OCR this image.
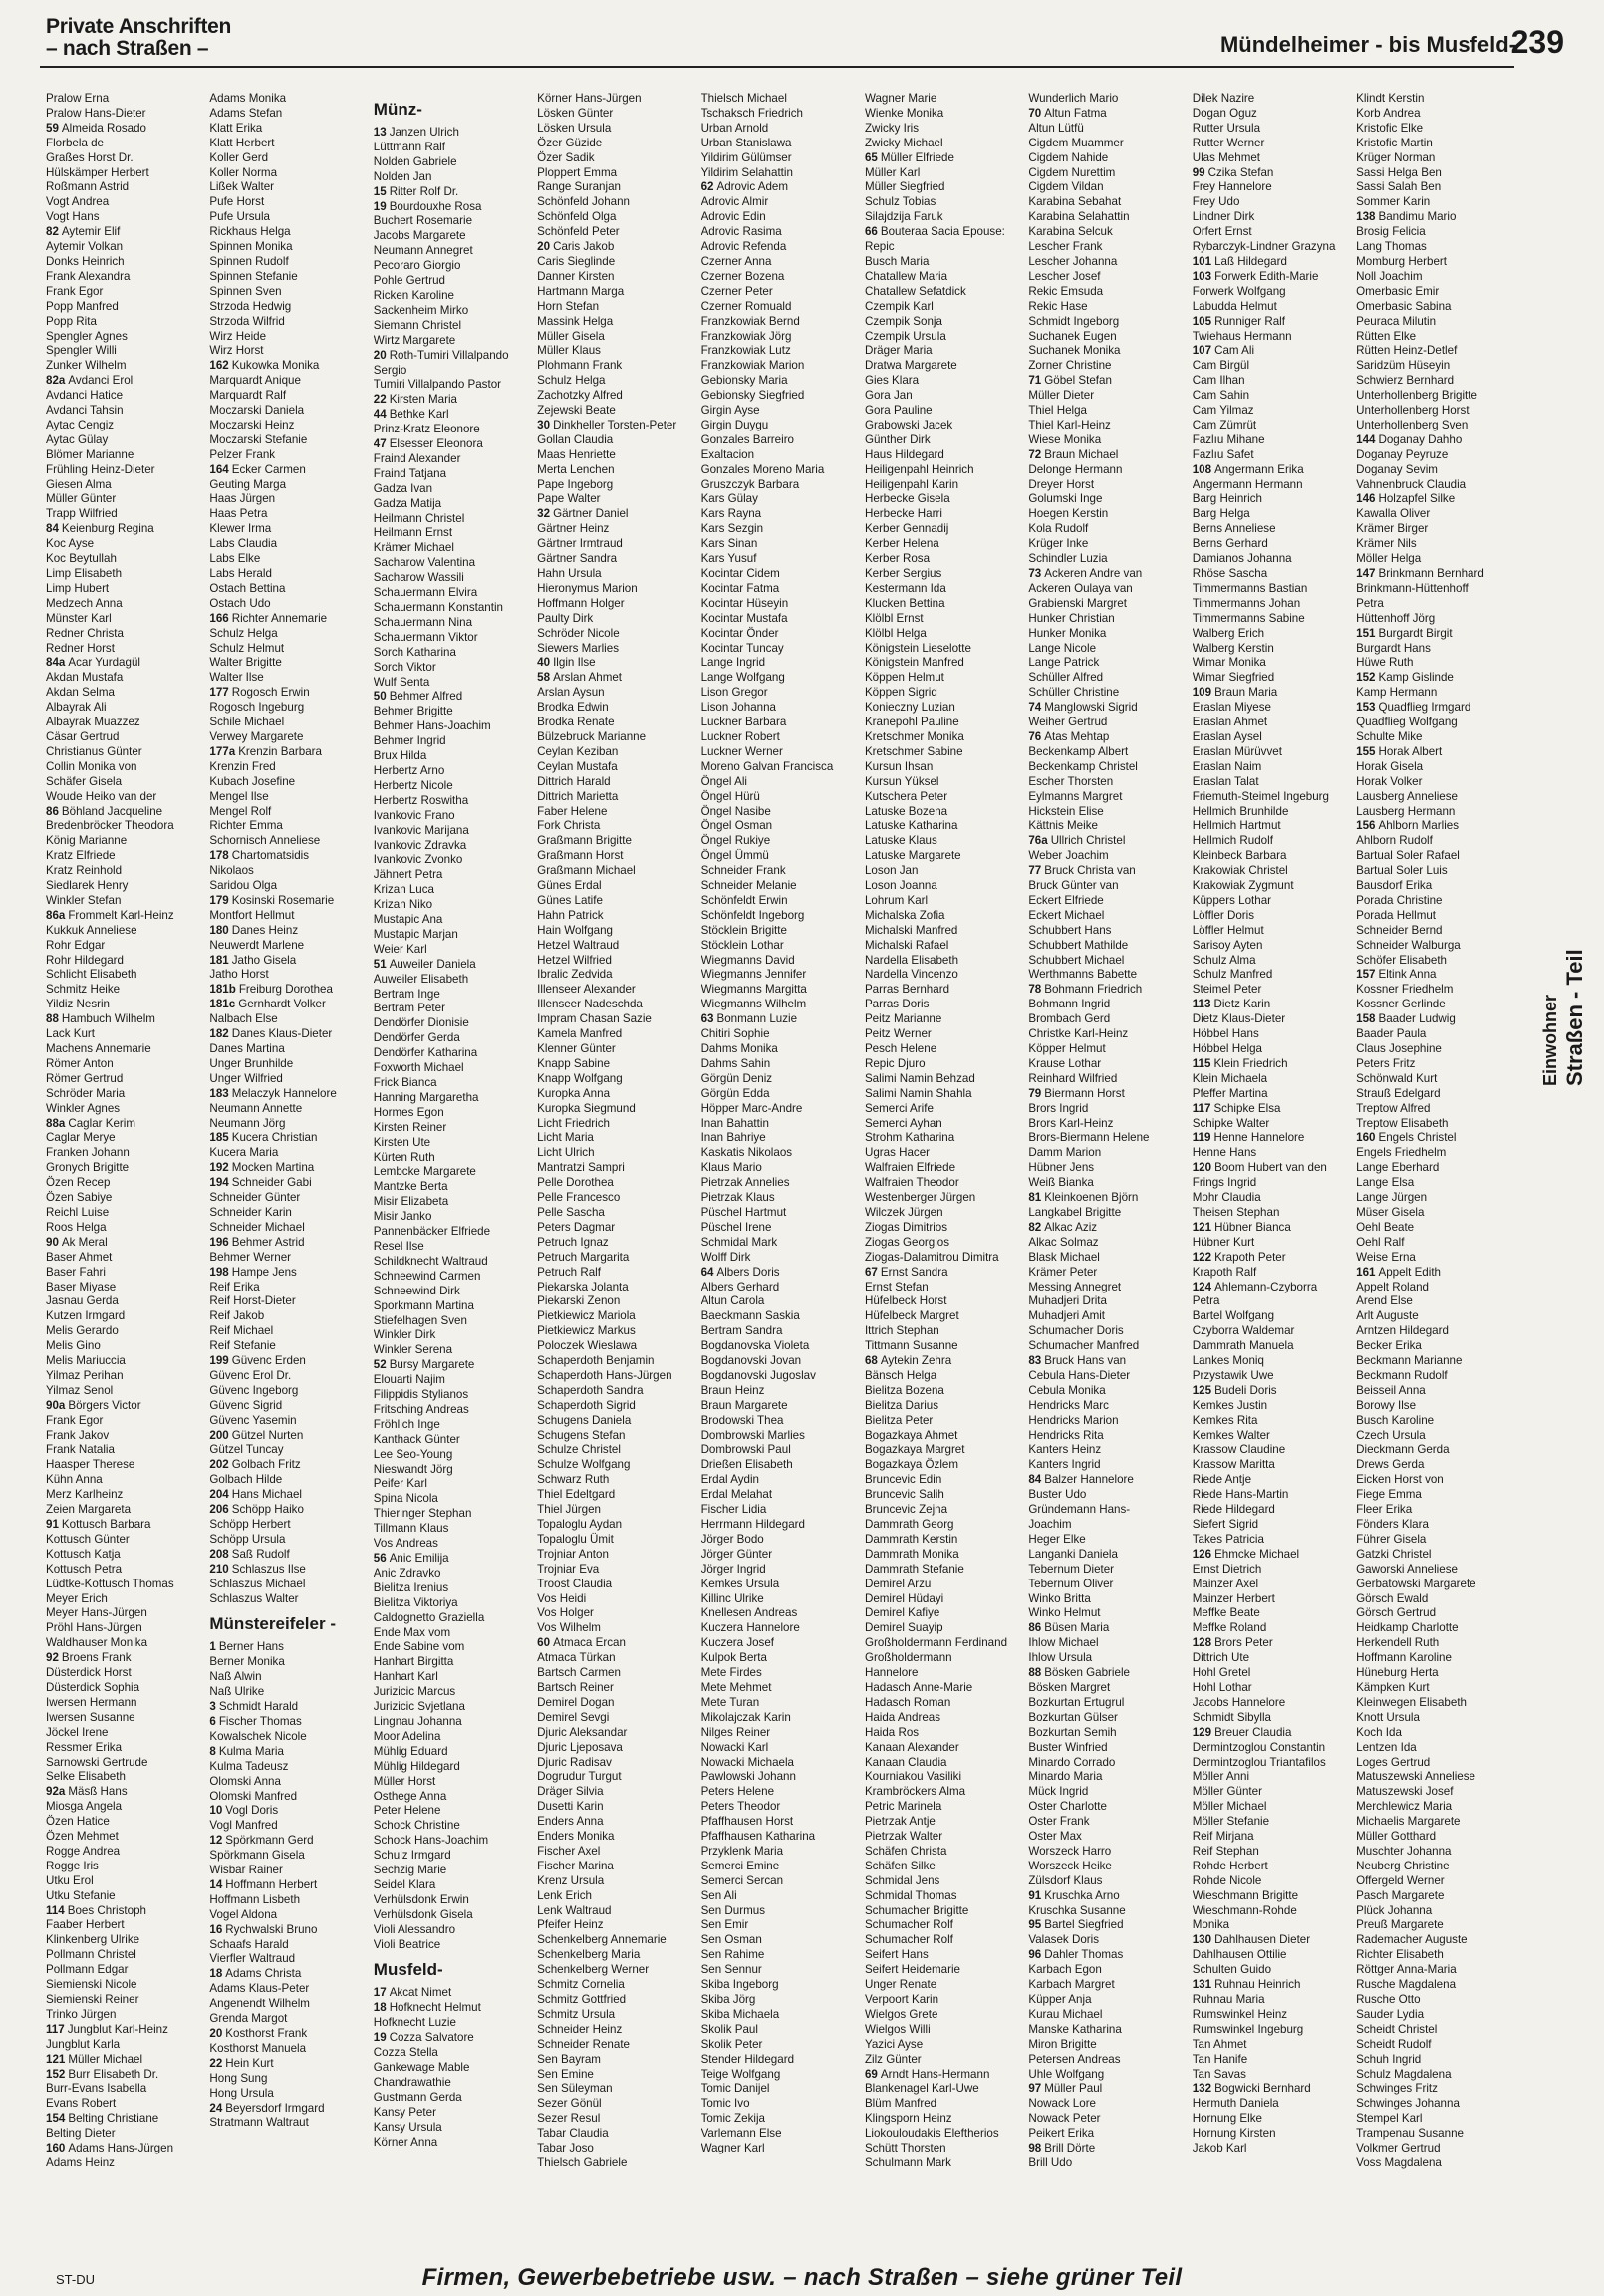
Private Anschriften
– nach Straßen –	Mündelheimer - bis Musfeld-
239
Pralow Erna
Pralow Hans-Dieter
59 Almeida Rosado
Florbela de
Graßes Horst Dr.
Hülskämper Herbert
Roßmann Astrid
Vogt Andrea
Vogt Hans
82 Aytemir Elif
Aytemir Volkan
Donks Heinrich
Frank Alexandra
Frank Egor
Popp Manfred
Popp Rita
Spengler Agnes
Spengler Willi
Zunker Wilhelm
82a Avdanci Erol
Avdanci Hatice
Avdanci Tahsin
Aytac Cengiz
Aytac Gülay
Blömer Marianne
Frühling Heinz-Dieter
Giesen Alma
Müller Günter
Trapp Wilfried
84 Keienburg Regina
Koc Ayse
Koc Beytullah
Limp Elisabeth
Limp Hubert
Medzech Anna
Münster Karl
Redner Christa
Redner Horst
84a Acar Yurdagül
Akdan Mustafa
Akdan Selma
Albayrak Ali
Albayrak Muazzez
Cäsar Gertrud
Christianus Günter
Collin Monika von
Schäfer Gisela
Woude Heiko van der
86 Böhland Jacqueline
Bredenbröcker Theodora
König Marianne
Kratz Elfriede
Kratz Reinhold
Siedlarek Henry
Winkler Stefan
86a Frommelt Karl-Heinz
Kukkuk Anneliese
Rohr Edgar
Rohr Hildegard
Schlicht Elisabeth
Schmitz Heike
Yildiz Nesrin
88 Hambuch Wilhelm
Lack Kurt
Machens Annemarie
Römer Anton
Römer Gertrud
Schröder Maria
Winkler Agnes
88a Caglar Kerim
Caglar Merye
Franken Johann
Gronych Brigitte
Özen Recep
Özen Sabiye
Reichl Luise
Roos Helga
90 Ak Meral
Baser Ahmet
Baser Fahri
Baser Miyase
Jasnau Gerda
Kutzen Irmgard
Melis Gerardo
Melis Gino
Melis Mariuccia
Yilmaz Perihan
Yilmaz Senol
90a Börgers Victor
Frank Egor
Frank Jakov
Frank Natalia
Haasper Therese
Kühn Anna
Merz Karlheinz
Zeien Margareta
91 Kottusch Barbara
Kottusch Günter
Kottusch Katja
Kottusch Petra
Lüdtke-Kottusch Thomas
Meyer Erich
Meyer Hans-Jürgen
Pröhl Hans-Jürgen
Waldhauser Monika
92 Broens Frank
Düsterdick Horst
Düsterdick Sophia
Iwersen Hermann
Iwersen Susanne
Jöckel Irene
Ressmer Erika
Sarnowski Gertrude
Selke Elisabeth
92a Mäsß Hans
Miosga Angela
Özen Hatice
Özen Mehmet
Rogge Andrea
Rogge Iris
Utku Erol
Utku Stefanie
114 Boes Christoph
Faaber Herbert
Klinkenberg Ulrike
Pollmann Christel
Pollmann Edgar
Siemienski Nicole
Siemienski Reiner
Trinko Jürgen
117 Jungblut Karl-Heinz
Jungblut Karla
121 Müller Michael
152 Burr Elisabeth Dr.
Burr-Evans Isabella
Evans Robert
154 Belting Christiane
Belting Dieter
160 Adams Hans-Jürgen
Adams Heinz
Adams Monika
Adams Stefan
Klatt Erika
Klatt Herbert
Koller Gerd
Koller Norma
Lißek Walter
Pufe Horst
Pufe Ursula
Rickhaus Helga
Spinnen Monika
Spinnen Rudolf
Spinnen Stefanie
Spinnen Sven
Strzoda Hedwig
Strzoda Wilfrid
Wirz Heide
Wirz Horst
162 Kukowka Monika
Marquardt Anique
Marquardt Ralf
Moczarski Daniela
Moczarski Heinz
Moczarski Stefanie
Pelzer Frank
164 Ecker Carmen
Geuting Marga
Haas Jürgen
Haas Petra
Klewer Irma
Labs Claudia
Labs Elke
Labs Herald
Ostach Bettina
Ostach Udo
166 Richter Annemarie
Schulz Helga
Schulz Helmut
Walter Brigitte
Walter Ilse
177 Rogosch Erwin
Rogosch Ingeburg
Schile Michael
Verwey Margarete
177a Krenzin Barbara
Krenzin Fred
Kubach Josefine
Mengel Ilse
Mengel Rolf
Richter Emma
Schornisch Anneliese
178 Chartomatsidis
Nikolaos
Saridou Olga
179 Kosinski Rosemarie
Montfort Hellmut
180 Danes Heinz
Neuwerdt Marlene
181 Jatho Gisela
Jatho Horst
181b Freiburg Dorothea
181c Gernhardt Volker
Nalbach Else
182 Danes Klaus-Dieter
Danes Martina
Unger Brunhilde
Unger Wilfried
183 Melaczyk Hannelore
Neumann Annette
Neumann Jörg
185 Kucera Christian
Kucera Maria
192 Mocken Martina
194 Schneider Gabi
Schneider Günter
Schneider Karin
Schneider Michael
196 Behmer Astrid
Behmer Werner
198 Hampe Jens
Reif Erika
Reif Horst-Dieter
Reif Jakob
Reif Michael
Reif Stefanie
199 Güvenc Erden
Güvenc Erol Dr.
Güvenc Ingeborg
Güvenc Sigrid
Güvenc Yasemin
200 Gützel Nurten
Gützel Tuncay
202 Golbach Fritz
Golbach Hilde
204 Hans Michael
206 Schöpp Haiko
Schöpp Herbert
Schöpp Ursula
208 Saß Rudolf
210 Schlaszus Ilse
Schlaszus Michael
Schlaszus Walter
Münstereifeler -
1 Berner Hans
Berner Monika
Naß Alwin
Naß Ulrike
3 Schmidt Harald
6 Fischer Thomas
Kowalschek Nicole
8 Kulma Maria
Kulma Tadeusz
Olomski Anna
Olomski Manfred
10 Vogl Doris
Vogl Manfred
12 Spörkmann Gerd
Spörkmann Gisela
Wisbar Rainer
14 Hoffmann Herbert
Hoffmann Lisbeth
Vogel Aldona
16 Rychwalski Bruno
Schaafs Harald
Vierfler Waltraud
18 Adams Christa
Adams Klaus-Peter
Angenendt Wilhelm
Grenda Margot
20 Kosthorst Frank
Kosthorst Manuela
22 Hein Kurt
Hong Sung
Hong Ursula
24 Beyersdorf Irmgard
Stratmann Waltraut
Münz-
13 Janzen Ulrich
Lüttmann Ralf
Nolden Gabriele
Nolden Jan
15 Ritter Rolf Dr.
19 Bourdouxhe Rosa
Buchert Rosemarie
Jacobs Margarete
Neumann Annegret
Pecoraro Giorgio
Pohle Gertrud
Ricken Karoline
Sackenheim Mirko
Siemann Christel
Wirtz Margarete
20 Roth-Tumiri Villalpando
Sergio
Tumiri Villalpando Pastor
22 Kirsten Maria
44 Bethke Karl
Prinz-Kratz Eleonore
47 Elsesser Eleonora
Fraind Alexander
Fraind Tatjana
Gadza Ivan
Gadza Matija
Heilmann Christel
Heilmann Ernst
Krämer Michael
Sacharow Valentina
Sacharow Wassili
Schauermann Elvira
Schauermann Konstantin
Schauermann Nina
Schauermann Viktor
Sorch Katharina
Sorch Viktor
Wulf Senta
50 Behmer Alfred
Behmer Brigitte
Behmer Hans-Joachim
Behmer Ingrid
Brux Hilda
Herbertz Arno
Herbertz Nicole
Herbertz Roswitha
Ivankovic Frano
Ivankovic Marijana
Ivankovic Zdravka
Ivankovic Zvonko
Jähnert Petra
Krizan Luca
Krizan Niko
Mustapic Ana
Mustapic Marjan
Weier Karl
51 Auweiler Daniela
Auweiler Elisabeth
Bertram Inge
Bertram Peter
Dendörfer Dionisie
Dendörfer Gerda
Dendörfer Katharina
Foxworth Michael
Frick Bianca
Hanning Margaretha
Hormes Egon
Kirsten Reiner
Kirsten Ute
Kürten Ruth
Lembcke Margarete
Mantzke Berta
Misir Elizabeta
Misir Janko
Pannenbäcker Elfriede
Resel Ilse
Schildknecht Waltraud
Schneewind Carmen
Schneewind Dirk
Sporkmann Martina
Stiefelhagen Sven
Winkler Dirk
Winkler Serena
52 Bursy Margarete
Elouarti Najim
Filippidis Stylianos
Fritsching Andreas
Fröhlich Inge
Kanthack Günter
Lee Seo-Young
Nieswandt Jörg
Peifer Karl
Spina Nicola
Thieringer Stephan
Tillmann Klaus
Vos Andreas
56 Anic Emilija
Anic Zdravko
Bielitza Irenius
Bielitza Viktoriya
Caldognetto Graziella
Ende Max vom
Ende Sabine vom
Hanhart Birgitta
Hanhart Karl
Jurizicic Marcus
Jurizicic Svjetlana
Lingnau Johanna
Moor Adelina
Mühlig Eduard
Mühlig Hildegard
Müller Horst
Osthege Anna
Peter Helene
Schock Christine
Schock Hans-Joachim
Schulz Irmgard
Sechzig Marie
Seidel Klara
Verhülsdonk Erwin
Verhülsdonk Gisela
Violi Alessandro
Violi Beatrice
Musfeld-
17 Akcat Nimet
18 Hofknecht Helmut
Hofknecht Luzie
19 Cozza Salvatore
Cozza Stella
Gankewage Mable
Chandrawathie
Gustmann Gerda
Kansy Peter
Kansy Ursula
Körner Anna
Körner Hans-Jürgen
Lösken Günter
Lösken Ursula
Özer Güzide
Özer Sadik
Ploppert Emma
Range Suranjan
Schönfeld Johann
Schönfeld Olga
Schönfeld Peter
20 Caris Jakob
Caris Sieglinde
Danner Kirsten
Hartmann Marga
Horn Stefan
Massink Helga
Müller Gisela
Müller Klaus
Plohmann Frank
Schulz Helga
Zachotzky Alfred
Zejewski Beate
30 Dinkheller Torsten-Peter
Gollan Claudia
Maas Henriette
Merta Lenchen
Pape Ingeborg
Pape Walter
32 Gärtner Daniel
Gärtner Heinz
Gärtner Irmtraud
Gärtner Sandra
Hahn Ursula
Hieronymus Marion
Hoffmann Holger
Paulty Dirk
Schröder Nicole
Siewers Marlies
40 Ilgin Ilse
58 Arslan Ahmet
Arslan Aysun
Brodka Edwin
Brodka Renate
Bülzebruck Marianne
Ceylan Keziban
Ceylan Mustafa
Dittrich Harald
Dittrich Marietta
Faber Helene
Fork Christa
Graßmann Brigitte
Graßmann Horst
Graßmann Michael
Günes Erdal
Günes Latife
Hahn Patrick
Hain Wolfgang
Hetzel Waltraud
Hetzel Wilfried
Ibralic Zedvida
Illenseer Alexander
Illenseer Nadeschda
Impram Chasan Sazie
Kamela Manfred
Klenner Günter
Knapp Sabine
Knapp Wolfgang
Kuropka Anna
Kuropka Siegmund
Licht Friedrich
Licht Maria
Licht Ulrich
Mantratzi Sampri
Pelle Dorothea
Pelle Francesco
Pelle Sascha
Peters Dagmar
Petruch Ignaz
Petruch Margarita
Petruch Ralf
Piekarska Jolanta
Piekarski Zenon
Pietkiewicz Mariola
Pietkiewicz Markus
Poloczek Wieslawa
Schaperdoth Benjamin
Schaperdoth Hans-Jürgen
Schaperdoth Sandra
Schaperdoth Sigrid
Schugens Daniela
Schugens Stefan
Schulze Christel
Schulze Wolfgang
Schwarz Ruth
Thiel Edeltgard
Thiel Jürgen
Topaloglu Aydan
Topaloglu Ümit
Trojniar Anton
Trojniar Eva
Troost Claudia
Vos Heidi
Vos Holger
Vos Wilhelm
60 Atmaca Ercan
Atmaca Türkan
Bartsch Carmen
Bartsch Reiner
Demirel Dogan
Demirel Sevgi
Djuric Aleksandar
Djuric Ljeposava
Djuric Radisav
Dogrudur Turgut
Dräger Silvia
Dusetti Karin
Enders Anna
Enders Monika
Fischer Axel
Fischer Marina
Krenz Ursula
Lenk Erich
Lenk Waltraud
Pfeifer Heinz
Schenkelberg Annemarie
Schenkelberg Maria
Schenkelberg Werner
Schmitz Cornelia
Schmitz Gottfried
Schmitz Ursula
Schneider Heinz
Schneider Renate
Sen Bayram
Sen Emine
Sen Süleyman
Sezer Gönül
Sezer Resul
Tabar Claudia
Tabar Joso
Thielsch Gabriele
Thielsch Michael
Tschaksch Friedrich
Urban Arnold
Urban Stanislawa
Yildirim Gülümser
Yildirim Selahattin
62 Adrovic Adem
Adrovic Almir
Adrovic Edin
Adrovic Rasima
Adrovic Refenda
Czerner Anna
Czerner Bozena
Czerner Peter
Czerner Romuald
Franzkowiak Bernd
Franzkowiak Jörg
Franzkowiak Lutz
Franzkowiak Marion
Gebionsky Maria
Gebionsky Siegfried
Girgin Ayse
Girgin Duygu
Gonzales Barreiro
Exaltacion
Gonzales Moreno Maria
Gruszczyk Barbara
Kars Gülay
Kars Rayna
Kars Sezgin
Kars Sinan
Kars Yusuf
Kocintar Cidem
Kocintar Fatma
Kocintar Hüseyin
Kocintar Mustafa
Kocintar Önder
Kocintar Tuncay
Lange Ingrid
Lange Wolfgang
Lison Gregor
Lison Johanna
Luckner Barbara
Luckner Robert
Luckner Werner
Moreno Galvan Francisca
Öngel Ali
Öngel Hürü
Öngel Nasibe
Öngel Osman
Öngel Rukiye
Öngel Ümmü
Schneider Frank
Schneider Melanie
Schönfeldt Erwin
Schönfeldt Ingeborg
Stöcklein Brigitte
Stöcklein Lothar
Wiegmanns David
Wiegmanns Jennifer
Wiegmanns Margitta
Wiegmanns Wilhelm
63 Bonmann Luzie
Chitiri Sophie
Dahms Monika
Dahms Sahin
Görgün Deniz
Görgün Edda
Höpper Marc-Andre
Inan Bahattin
Inan Bahriye
Kaskatis Nikolaos
Klaus Mario
Pietrzak Annelies
Pietrzak Klaus
Püschel Hartmut
Püschel Irene
Schmidal Mark
Wolff Dirk
64 Albers Doris
Albers Gerhard
Altun Carola
Baeckmann Saskia
Bertram Sandra
Bogdanovska Violeta
Bogdanovski Jovan
Bogdanovski Jugoslav
Braun Heinz
Braun Margarete
Brodowski Thea
Dombrowski Marlies
Dombrowski Paul
Drießen Elisabeth
Erdal Aydin
Erdal Melahat
Fischer Lidia
Herrmann Hildegard
Jörger Bodo
Jörger Günter
Jörger Ingrid
Kemkes Ursula
Killinc Ulrike
Knellesen Andreas
Kuczera Hannelore
Kuczera Josef
Kulpok Berta
Mete Firdes
Mete Mehmet
Mete Turan
Mikolajczak Karin
Nilges Reiner
Nowacki Karl
Nowacki Michaela
Pawlowski Johann
Peters Helene
Peters Theodor
Pfaffhausen Horst
Pfaffhausen Katharina
Przyklenk Maria
Semerci Emine
Semerci Sercan
Sen Ali
Sen Durmus
Sen Emir
Sen Osman
Sen Rahime
Sen Sennur
Skiba Ingeborg
Skiba Jörg
Skiba Michaela
Skolik Paul
Skolik Peter
Stender Hildegard
Teige Wolfgang
Tomic Danijel
Tomic Ivo
Tomic Zekija
Varlemann Else
Wagner Karl
Wagner Marie
Wienke Monika
Zwicky Iris
Zwicky Michael
65 Müller Elfriede
Müller Karl
Müller Siegfried
Schulz Tobias
Silajdzija Faruk
66 Bouteraa Sacia Epouse:
Repic
Busch Maria
Chatallew Maria
Chatallew Sefatdick
Czempik Karl
Czempik Sonja
Czempik Ursula
Dräger Maria
Dratwa Margarete
Gies Klara
Gora Jan
Gora Pauline
Grabowski Jacek
Günther Dirk
Haus Hildegard
Heiligenpahl Heinrich
Heiligenpahl Karin
Herbecke Gisela
Herbecke Harri
Kerber Gennadij
Kerber Helena
Kerber Rosa
Kerber Sergius
Kestermann Ida
Klucken Bettina
Klölbl Ernst
Klölbl Helga
Königstein Lieselotte
Königstein Manfred
Köppen Helmut
Köppen Sigrid
Konieczny Luzian
Kranepohl Pauline
Kretschmer Monika
Kretschmer Sabine
Kursun Ihsan
Kursun Yüksel
Kutschera Peter
Latuske Bozena
Latuske Katharina
Latuske Klaus
Latuske Margarete
Loson Jan
Loson Joanna
Lohrum Karl
Michalska Zofia
Michalski Manfred
Michalski Rafael
Nardella Elisabeth
Nardella Vincenzo
Parras Bernhard
Parras Doris
Peitz Marianne
Peitz Werner
Pesch Helene
Repic Djuro
Salimi Namin Behzad
Salimi Namin Shahla
Semerci Arife
Semerci Ayhan
Strohm Katharina
Ugras Hacer
Walfraien Elfriede
Walfraien Theodor
Westenberger Jürgen
Wilczek Jürgen
Ziogas Dimitrios
Ziogas Georgios
Ziogas-Dalamitrou Dimitra
67 Ernst Sandra
Ernst Stefan
Hüfelbeck Horst
Hüfelbeck Margret
Ittrich Stephan
Tittmann Susanne
68 Aytekin Zehra
Bänsch Helga
Bielitza Bozena
Bielitza Darius
Bielitza Peter
Bogazkaya Ahmet
Bogazkaya Margret
Bogazkaya Özlem
Bruncevic Edin
Bruncevic Salih
Bruncevic Zejna
Dammrath Georg
Dammrath Kerstin
Dammrath Monika
Dammrath Stefanie
Demirel Arzu
Demirel Hüdayi
Demirel Kafiye
Demirel Suayip
Großholdermann Ferdinand
Großholdermann
Hannelore
Hadasch Anne-Marie
Hadasch Roman
Haida Andreas
Haida Ros
Kanaan Alexander
Kanaan Claudia
Kourniakou Vasiliki
Krambröckers Alma
Petric Marinela
Pietrzak Antje
Pietrzak Walter
Schäfen Christa
Schäfen Silke
Schmidal Jens
Schmidal Thomas
Schumacher Brigitte
Schumacher Rolf
Schumacher Rolf
Seifert Hans
Seifert Heidemarie
Unger Renate
Verpoort Karin
Wielgos Grete
Wielgos Willi
Yazici Ayse
Zilz Günter
69 Arndt Hans-Hermann
Blankenagel Karl-Uwe
Blüm Manfred
Klingsporn Heinz
Liokouloudakis Eleftherios
Schütt Thorsten
Schulmann Mark
Wunderlich Mario
70 Altun Fatma
Altun Lütfü
Cigdem Muammer
Cigdem Nahide
Cigdem Nurettim
Cigdem Vildan
Karabina Sebahat
Karabina Selahattin
Karabina Selcuk
Lescher Frank
Lescher Johanna
Lescher Josef
Rekic Emsuda
Rekic Hase
Schmidt Ingeborg
Suchanek Eugen
Suchanek Monika
Zorner Christine
71 Göbel Stefan
Müller Dieter
Thiel Helga
Thiel Karl-Heinz
Wiese Monika
72 Braun Michael
Delonge Hermann
Dreyer Horst
Golumski Inge
Hoegen Kerstin
Kola Rudolf
Krüger Inke
Schindler Luzia
73 Ackeren Andre van
Ackeren Oulaya van
Grabienski Margret
Hunker Christian
Hunker Monika
Lange Nicole
Lange Patrick
Schüller Alfred
Schüller Christine
74 Manglowski Sigrid
Weiher Gertrud
76 Atas Mehtap
Beckenkamp Albert
Beckenkamp Christel
Escher Thorsten
Eylmanns Margret
Hickstein Elise
Kättnis Meike
76a Ullrich Christel
Weber Joachim
77 Bruck Christa van
Bruck Günter van
Eckert Elfriede
Eckert Michael
Schubbert Hans
Schubbert Mathilde
Schubbert Michael
Werthmanns Babette
78 Bohmann Friedrich
Bohmann Ingrid
Brombach Gerd
Christke Karl-Heinz
Köpper Helmut
Krause Lothar
Reinhard Wilfried
79 Biermann Horst
Brors Ingrid
Brors Karl-Heinz
Brors-Biermann Helene
Damm Marion
Hübner Jens
Weiß Bianka
81 Kleinkoenen Björn
Langkabel Brigitte
82 Alkac Aziz
Alkac Solmaz
Blask Michael
Krämer Peter
Messing Annegret
Muhadjeri Drita
Muhadjeri Amit
Schumacher Doris
Schumacher Manfred
83 Bruck Hans van
Cebula Hans-Dieter
Cebula Monika
Hendricks Marc
Hendricks Marion
Hendricks Rita
Kanters Heinz
Kanters Ingrid
84 Balzer Hannelore
Buster Udo
Gründemann Hans-
Joachim
Heger Elke
Langanki Daniela
Tebernum Dieter
Tebernum Oliver
Winko Britta
Winko Helmut
86 Büsen Maria
Ihlow Michael
Ihlow Ursula
88 Bösken Gabriele
Bösken Margret
Bozkurtan Ertugrul
Bozkurtan Gülser
Bozkurtan Semih
Buster Winfried
Minardo Corrado
Minardo Maria
Mück Ingrid
Oster Charlotte
Oster Frank
Oster Max
Worszeck Harro
Worszeck Heike
Zülsdorf Klaus
91 Kruschka Arno
Kruschka Susanne
95 Bartel Siegfried
Valasek Doris
96 Dahler Thomas
Karbach Egon
Karbach Margret
Küpper Anja
Kurau Michael
Manske Katharina
Miron Brigitte
Petersen Andreas
Uhle Wolfgang
97 Müller Paul
Nowack Lore
Nowack Peter
Peikert Erika
98 Brill Dörte
Brill Udo
Dilek Nazire
Dogan Oguz
Rutter Ursula
Rutter Werner
Ulas Mehmet
99 Czika Stefan
Frey Hannelore
Frey Udo
Lindner Dirk
Orfert Ernst
Rybarczyk-Lindner Grazyna
101 Laß Hildegard
103 Forwerk Edith-Marie
Forwerk Wolfgang
Labudda Helmut
105 Runniger Ralf
Twiehaus Hermann
107 Cam Ali
Cam Birgül
Cam Ilhan
Cam Sahin
Cam Yilmaz
Cam Zümrüt
Fazlıu Mihane
Fazlıu Safet
108 Angermann Erika
Angermann Hermann
Barg Heinrich
Barg Helga
Berns Anneliese
Berns Gerhard
Damianos Johanna
Rhöse Sascha
Timmermanns Bastian
Timmermanns Johan
Timmermanns Sabine
Walberg Erich
Walberg Kerstin
Wimar Monika
Wimar Siegfried
109 Braun Maria
Eraslan Miyese
Eraslan Ahmet
Eraslan Aysel
Eraslan Mürüvvet
Eraslan Naim
Eraslan Talat
Friemuth-Steimel Ingeburg
Hellmich Brunhilde
Hellmich Hartmut
Hellmich Rudolf
Kleinbeck Barbara
Krakowiak Christel
Krakowiak Zygmunt
Küppers Lothar
Löffler Doris
Löffler Helmut
Sarisoy Ayten
Schulz Alma
Schulz Manfred
Steimel Peter
113 Dietz Karin
Dietz Klaus-Dieter
Höbbel Hans
Höbbel Helga
115 Klein Friedrich
Klein Michaela
Pfeffer Martina
117 Schipke Elsa
Schipke Walter
119 Henne Hannelore
Henne Hans
120 Boom Hubert van den
Frings Ingrid
Mohr Claudia
Theisen Stephan
121 Hübner Bianca
Hübner Kurt
122 Krapoth Peter
Krapoth Ralf
124 Ahlemann-Czyborra
Petra
Bartel Wolfgang
Czyborra Waldemar
Dammrath Manuela
Lankes Moniq
Przystawik Uwe
125 Budeli Doris
Kemkes Justin
Kemkes Rita
Kemkes Walter
Krassow Claudine
Krassow Maritta
Riede Antje
Riede Hans-Martin
Riede Hildegard
Siefert Sigrid
Takes Patricia
126 Ehmcke Michael
Ernst Dietrich
Mainzer Axel
Mainzer Herbert
Meffke Beate
Meffke Roland
128 Brors Peter
Dittrich Ute
Hohl Gretel
Hohl Lothar
Jacobs Hannelore
Schmidt Sibylla
129 Breuer Claudia
Dermintzoglou Constantin
Dermintzoglou Triantafilos
Möller Anni
Möller Günter
Möller Michael
Möller Stefanie
Reif Mirjana
Reif Stephan
Rohde Herbert
Rohde Nicole
Wieschmann Brigitte
Wieschmann-Rohde
Monika
130 Dahlhausen Dieter
Dahlhausen Ottilie
Schulten Guido
131 Ruhnau Heinrich
Ruhnau Maria
Rumswinkel Heinz
Rumswinkel Ingeburg
Tan Ahmet
Tan Hanife
Tan Savas
132 Bogwicki Bernhard
Hermuth Daniela
Hornung Elke
Hornung Kirsten
Jakob Karl
Klindt Kerstin
Korb Andrea
Kristofic Elke
Kristofic Martin
Krüger Norman
Sassi Helga Ben
Sassi Salah Ben
Sommer Karin
138 Bandimu Mario
Brosig Felicia
Lang Thomas
Momburg Herbert
Noll Joachim
Omerbasic Emir
Omerbasic Sabina
Peuraca Milutin
Rütten Elke
Rütten Heinz-Detlef
Saridzüm Hüseyin
Schwierz Bernhard
Unterhollenberg Brigitte
Unterhollenberg Horst
Unterhollenberg Sven
144 Doganay Dahho
Doganay Peyruze
Doganay Sevim
Vahnenbruck Claudia
146 Holzapfel Silke
Kawalla Oliver
Krämer Birger
Krämer Nils
Möller Helga
147 Brinkmann Bernhard
Brinkmann-Hüttenhoff
Petra
Hüttenhoff Jörg
151 Burgardt Birgit
Burgardt Hans
Hüwe Ruth
152 Kamp Gislinde
Kamp Hermann
153 Quadflieg Irmgard
Quadflieg Wolfgang
Schulte Mike
155 Horak Albert
Horak Gisela
Horak Volker
Lausberg Anneliese
Lausberg Hermann
156 Ahlborn Marlies
Ahlborn Rudolf
Bartual Soler Rafael
Bartual Soler Luis
Bausdorf Erika
Porada Christine
Porada Hellmut
Schneider Bernd
Schneider Walburga
Schöfer Elisabeth
157 Eltink Anna
Kossner Friedhelm
Kossner Gerlinde
158 Baader Ludwig
Baader Paula
Claus Josephine
Peters Fritz
Schönwald Kurt
Strauß Edelgard
Treptow Alfred
Treptow Elisabeth
160 Engels Christel
Engels Friedhelm
Lange Eberhard
Lange Elsa
Lange Jürgen
Müser Gisela
Oehl Beate
Oehl Ralf
Weise Erna
161 Appelt Edith
Appelt Roland
Arend Else
Arlt Auguste
Arntzen Hildegard
Becker Erika
Beckmann Marianne
Beckmann Rudolf
Beisseil Anna
Borowy Ilse
Busch Karoline
Czech Ursula
Dieckmann Gerda
Drews Gerda
Eicken Horst von
Fiege Emma
Fleer Erika
Fönders Klara
Führer Gisela
Gatzki Christel
Gaworski Anneliese
Gerbatowski Margarete
Görsch Ewald
Görsch Gertrud
Heidkamp Charlotte
Herkendell Ruth
Hoffmann Karoline
Hüneburg Herta
Kämpken Kurt
Kleinwegen Elisabeth
Knott Ursula
Koch Ida
Lentzen Ida
Loges Gertrud
Matuszewski Anneliese
Matuszewski Josef
Merchlewicz Maria
Michaelis Margarete
Müller Gotthard
Muschter Johanna
Neuberg Christine
Offergeld Werner
Pasch Margarete
Plück Johanna
Preuß Margarete
Rademacher Auguste
Richter Elisabeth
Röttger Anna-Maria
Rusche Magdalena
Rusche Otto
Sauder Lydia
Scheidt Christel
Scheidt Rudolf
Schuh Ingrid
Schulz Magdalena
Schwinges Fritz
Schwinges Johanna
Stempel Karl
Trampenau Susanne
Volkmer Gertrud
Voss Magdalena
Einwohner Straßen - Teil
ST-DU	Firmen, Gewerbebetriebe usw. – nach Straßen – siehe grüner Teil
